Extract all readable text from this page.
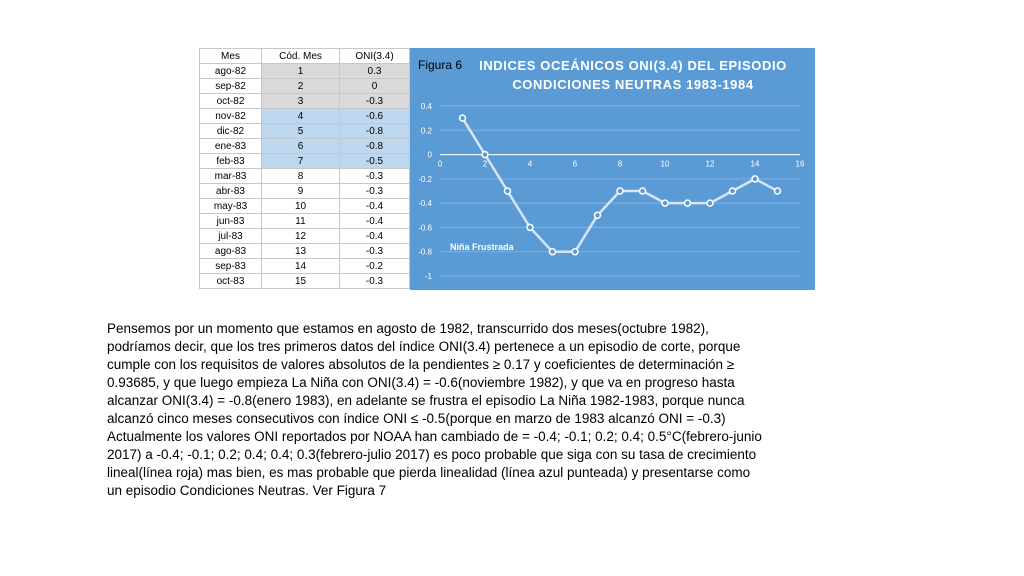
Mes	Cód. Mes	ONI(3.4)
ago-82	1	0.3
sep-82	2	0
oct-82	3	-0.3
nov-82	4	-0.6
dic-82	5	-0.8
ene-83	6	-0.8
feb-83	7	-0.5
mar-83	8	-0.3
abr-83	9	-0.3
may-83	10	-0.4
jun-83	11	-0.4
jul-83	12	-0.4
ago-83	13	-0.3
sep-83	14	-0.2
oct-83	15	-0.3
0.4
0.2
0
-0.2
-0.4
-0.6
-0.8
-1
0	2	4	6	8	10	12	14	16
Niña Frustrada
Figura 6	INDICES OCEÁNICOS ONI(3.4) DEL EPISODIO CONDICIONES NEUTRAS 1983-1984

Pensemos por un momento que estamos en agosto de 1982, transcurrido dos meses(octubre 1982), podríamos decir, que los tres primeros datos del índice ONI(3.4) pertenece a un episodio de corte, porque cumple con los requisitos de valores absolutos de la pendientes ≥ 0.17 y coeficientes de determinación ≥ 0.93685, y que luego empieza La Niña con ONI(3.4) = -0.6(noviembre 1982), y que va en progreso hasta alcanzar ONI(3.4) = -0.8(enero 1983), en adelante se frustra el episodio La Niña 1982-1983, porque nunca alcanzó cinco meses consecutivos con índice ONI ≤ -0.5(porque en marzo de 1983 alcanzó ONI = -0.3) Actualmente los valores ONI reportados por NOAA han cambiado de = -0.4; -0.1; 0.2; 0.4; 0.5°C(febrero-junio 2017) a -0.4; -0.1; 0.2; 0.4; 0.4; 0.3(febrero-julio 2017) es poco probable que siga con su tasa de crecimiento lineal(línea roja) mas bien, es mas probable que pierda linealidad (línea azul punteada) y presentarse como un episodio Condiciones Neutras. Ver Figura 7
